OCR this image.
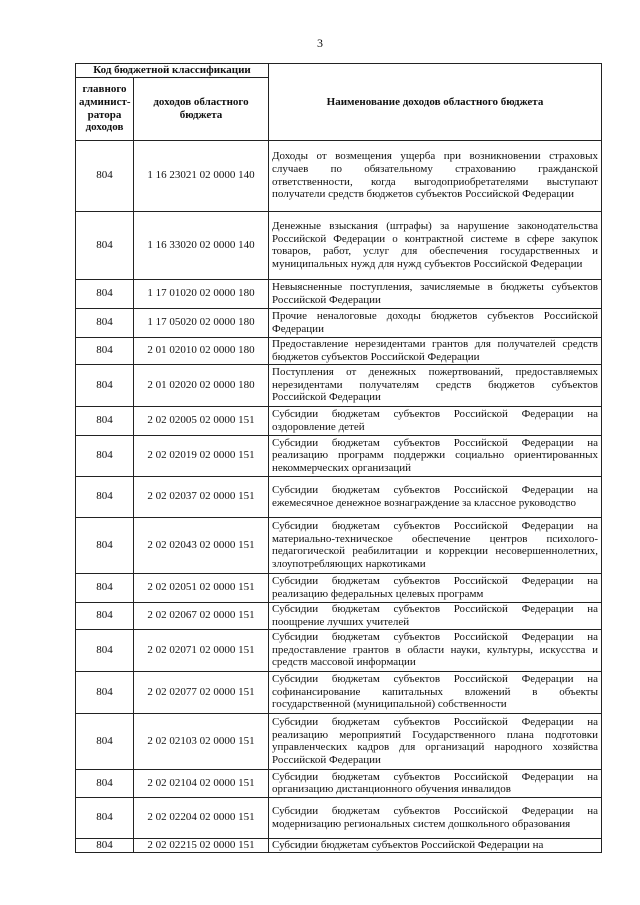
3
Код бюджетной классификации		Наименование доходов областного бюджета
главного админист-ратора доходов	доходов областного бюджета	
804	1 16 23021 02 0000 140	Доходы от возмещения ущерба при возникновении страховых случаев по обязательному страхованию гражданской ответственности, когда выгодоприобретателями выступают получатели средств бюджетов субъектов Российской Федерации
804	1 16 33020 02 0000 140	Денежные взыскания (штрафы) за нарушение законодательства Российской Федерации о контрактной системе в сфере закупок товаров, работ, услуг для обеспечения государственных и муниципальных нужд для нужд субъектов Российской Федерации
804	1 17 01020 02 0000 180	Невыясненные поступления, зачисляемые в бюджеты субъектов Российской Федерации
804	1 17 05020 02 0000 180	Прочие неналоговые доходы бюджетов субъектов Российской Федерации
804	2 01 02010 02 0000 180	Предоставление нерезидентами грантов для получателей средств бюджетов субъектов Российской Федерации
804	2 01 02020 02 0000 180	Поступления от денежных пожертвований, предоставляемых нерезидентами получателям средств бюджетов субъектов Российской Федерации
804	2 02 02005 02 0000 151	Субсидии бюджетам субъектов Российской Федерации на оздоровление детей
804	2 02 02019 02 0000 151	Субсидии бюджетам субъектов Российской Федерации на реализацию программ поддержки социально ориентированных некоммерческих организаций
804	2 02 02037 02 0000 151	Субсидии бюджетам субъектов Российской Федерации на ежемесячное денежное вознаграждение за классное руководство
804	2 02 02043 02 0000 151	Субсидии бюджетам субъектов Российской Федерации на материально-техническое обеспечение центров психолого-педагогической реабилитации и коррекции несовершеннолетних, злоупотребляющих наркотиками
804	2 02 02051 02 0000 151	Субсидии бюджетам субъектов Российской Федерации на реализацию федеральных целевых программ
804	2 02 02067 02 0000 151	Субсидии бюджетам субъектов Российской Федерации на поощрение лучших учителей
804	2 02 02071 02 0000 151	Субсидии бюджетам субъектов Российской Федерации на предоставление грантов в области науки, культуры, искусства и средств массовой информации
804	2 02 02077 02 0000 151	Субсидии бюджетам субъектов Российской Федерации на софинансирование капитальных вложений в объекты государственной (муниципальной) собственности
804	2 02 02103 02 0000 151	Субсидии бюджетам субъектов Российской Федерации на реализацию мероприятий Государственного плана подготовки управленческих кадров для организаций народного хозяйства Российской Федерации
804	2 02 02104 02 0000 151	Субсидии бюджетам субъектов Российской Федерации на организацию дистанционного обучения инвалидов
804	2 02 02204 02 0000 151	Субсидии бюджетам субъектов Российской Федерации на модернизацию региональных систем дошкольного образования
804	2 02 02215 02 0000 151	Субсидии бюджетам субъектов Российской Федерации на
